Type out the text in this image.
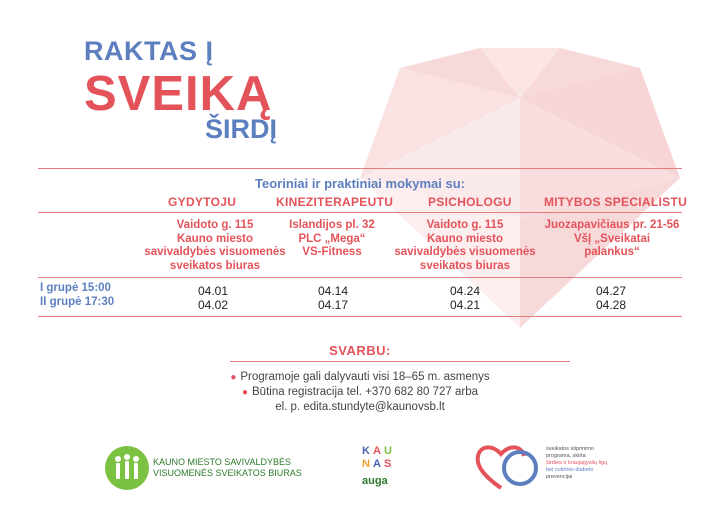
RAKTAS Į
SVEIKĄ
ŠIRDĮ
Teoriniai ir praktiniai mokymai su:
GYDYTOJU
Vaidoto g. 115
Kauno miesto
savivaldybės visuomenės
sveikatos biuras
KINEZITERAPEUTU
Islandijos pl. 32
PLC „Mega“
VS-Fitness
PSICHOLOGU
Vaidoto g. 115
Kauno miesto
savivaldybės visuomenės
sveikatos biuras
MITYBOS SPECIALISTU
Juozapavičiaus pr. 21-56
VšĮ „Sveikatai
palankus“
I grupė 15:00
II grupė 17:30
04.01
04.02
04.14
04.17
04.24
04.21
04.27
04.28
SVARBU:
● Programoje gali dalyvauti visi 18–65 m. asmenys
● Būtina registracija tel. +370 682 80 727 arba
el. p. edita.stundyte@kaunovsb.lt
KAUNO MIESTO SAVIVALDYBĖS
VISUOMENĖS SVEIKATOS BIURAS
K A U
N A S
auga
sveikatos stiprinimo
programa, skirta
širdies ir kraujagyslių ligų
bei cukrinio diabeto
prevencijai
